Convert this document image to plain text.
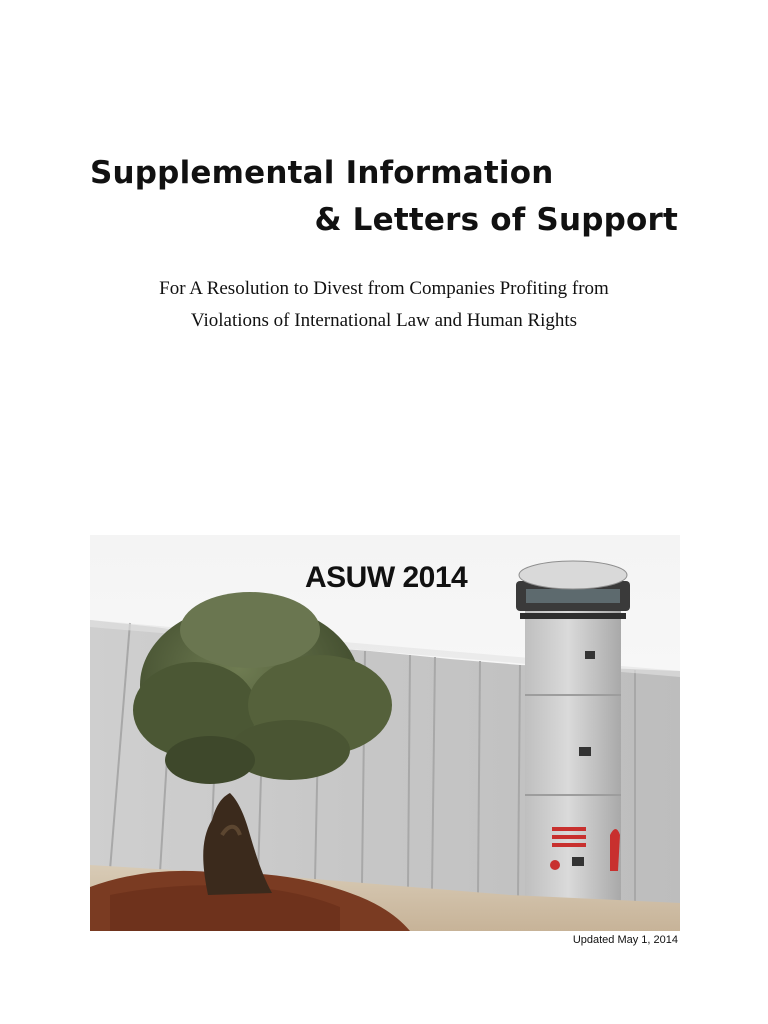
Supplemental Information
& Letters of Support
For A Resolution to Divest from Companies Profiting from
Violations of International Law and Human Rights
ASUW 2014
Updated May 1, 2014
